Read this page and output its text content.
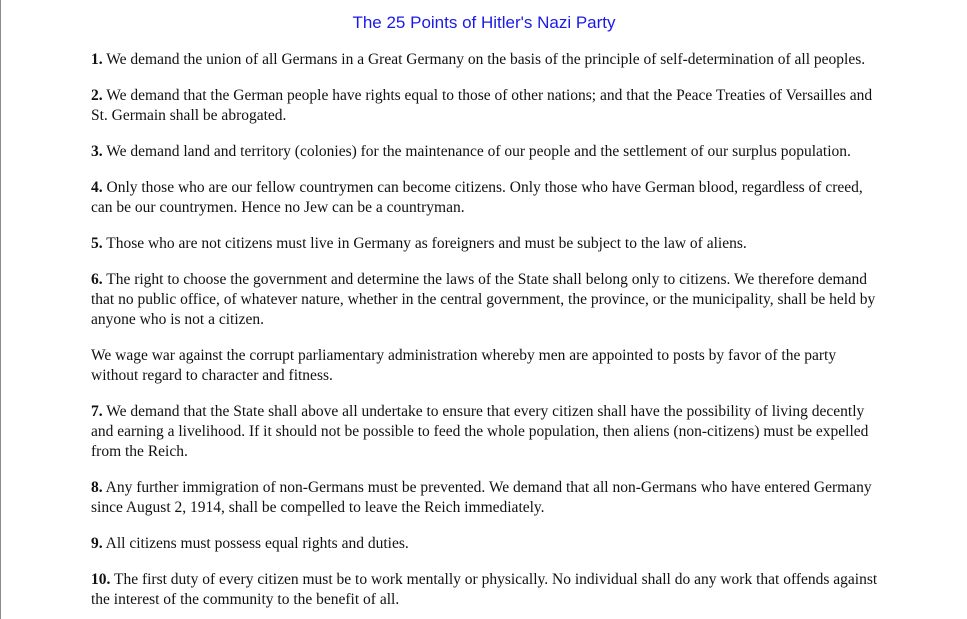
The 25 Points of Hitler's Nazi Party

1. We demand the union of all Germans in a Great Germany on the basis of the principle of self-determination of all peoples.

2. We demand that the German people have rights equal to those of other nations; and that the Peace Treaties of Versailles and St. Germain shall be abrogated.

3. We demand land and territory (colonies) for the maintenance of our people and the settlement of our surplus population.

4. Only those who are our fellow countrymen can become citizens. Only those who have German blood, regardless of creed, can be our countrymen. Hence no Jew can be a countryman.

5. Those who are not citizens must live in Germany as foreigners and must be subject to the law of aliens.

6. The right to choose the government and determine the laws of the State shall belong only to citizens. We therefore demand that no public office, of whatever nature, whether in the central government, the province, or the municipality, shall be held by anyone who is not a citizen.

We wage war against the corrupt parliamentary administration whereby men are appointed to posts by favor of the party without regard to character and fitness.

7. We demand that the State shall above all undertake to ensure that every citizen shall have the possibility of living decently and earning a livelihood. If it should not be possible to feed the whole population, then aliens (non-citizens) must be expelled from the Reich.

8. Any further immigration of non-Germans must be prevented. We demand that all non-Germans who have entered Germany since August 2, 1914, shall be compelled to leave the Reich immediately.

9. All citizens must possess equal rights and duties.

10. The first duty of every citizen must be to work mentally or physically. No individual shall do any work that offends against the interest of the community to the benefit of all.
